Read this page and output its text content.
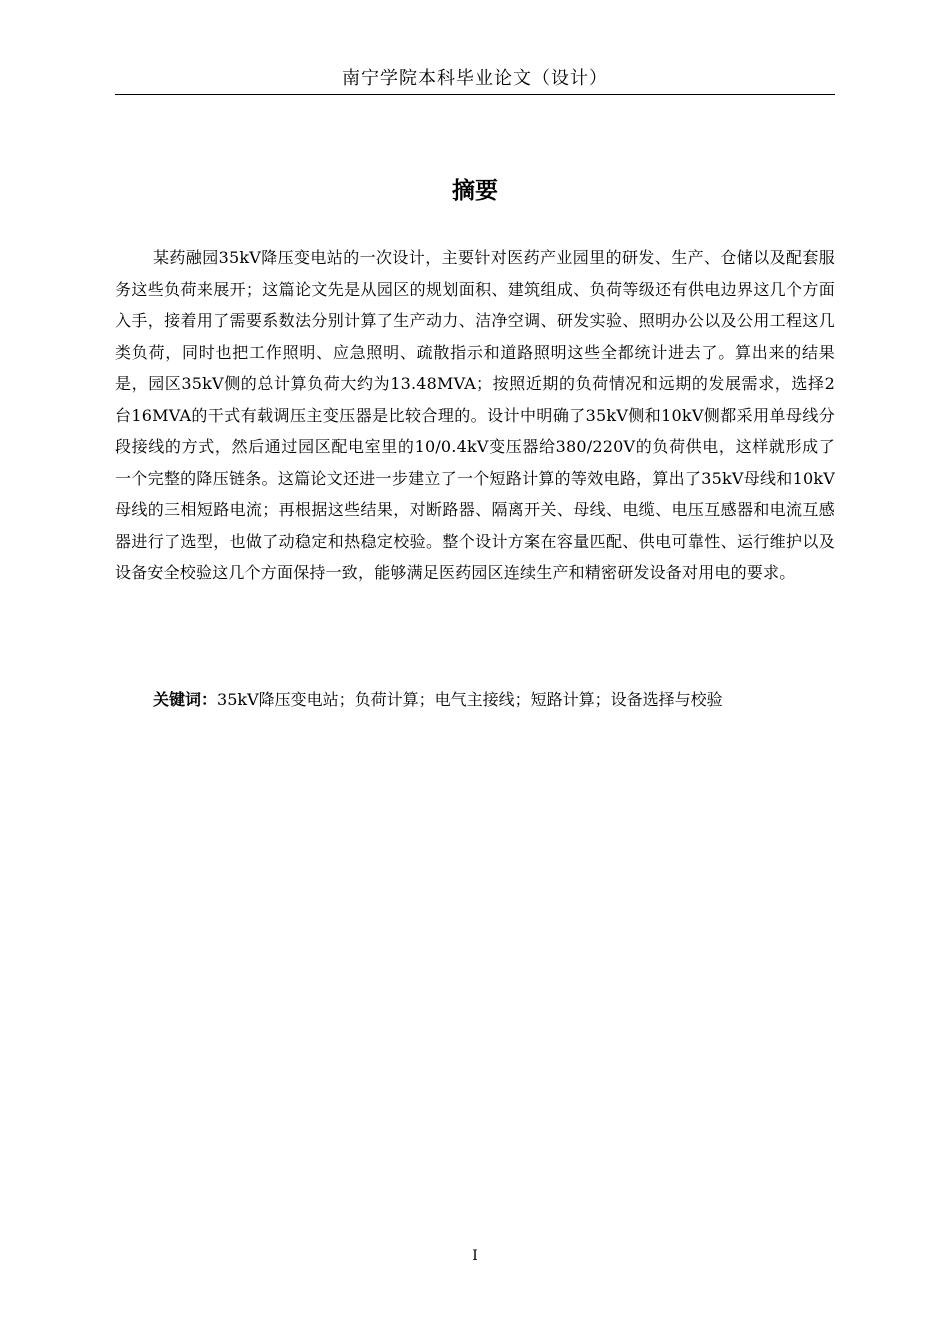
南宁学院本科毕业论文（设计）
摘要

某药融园35kV降压变电站的一次设计，主要针对医药产业园里的研发、生产、仓储以及配套服务这些负荷来展开；这篇论文先是从园区的规划面积、建筑组成、负荷等级还有供电边界这几个方面入手，接着用了需要系数法分别计算了生产动力、洁净空调、研发实验、照明办公以及公用工程这几类负荷，同时也把工作照明、应急照明、疏散指示和道路照明这些全都统计进去了。算出来的结果是，园区35kV侧的总计算负荷大约为13.48MVA；按照近期的负荷情况和远期的发展需求，选择2台16MVA的干式有载调压主变压器是比较合理的。设计中明确了35kV侧和10kV侧都采用单母线分段接线的方式，然后通过园区配电室里的10/0.4kV变压器给380/220V的负荷供电，这样就形成了一个完整的降压链条。这篇论文还进一步建立了一个短路计算的等效电路，算出了35kV母线和10kV母线的三相短路电流；再根据这些结果，对断路器、隔离开关、母线、电缆、电压互感器和电流互感器进行了选型，也做了动稳定和热稳定校验。整个设计方案在容量匹配、供电可靠性、运行维护以及设备安全校验这几个方面保持一致，能够满足医药园区连续生产和精密研发设备对用电的要求。

关键词：35kV降压变电站；负荷计算；电气主接线；短路计算；设备选择与校验

I
